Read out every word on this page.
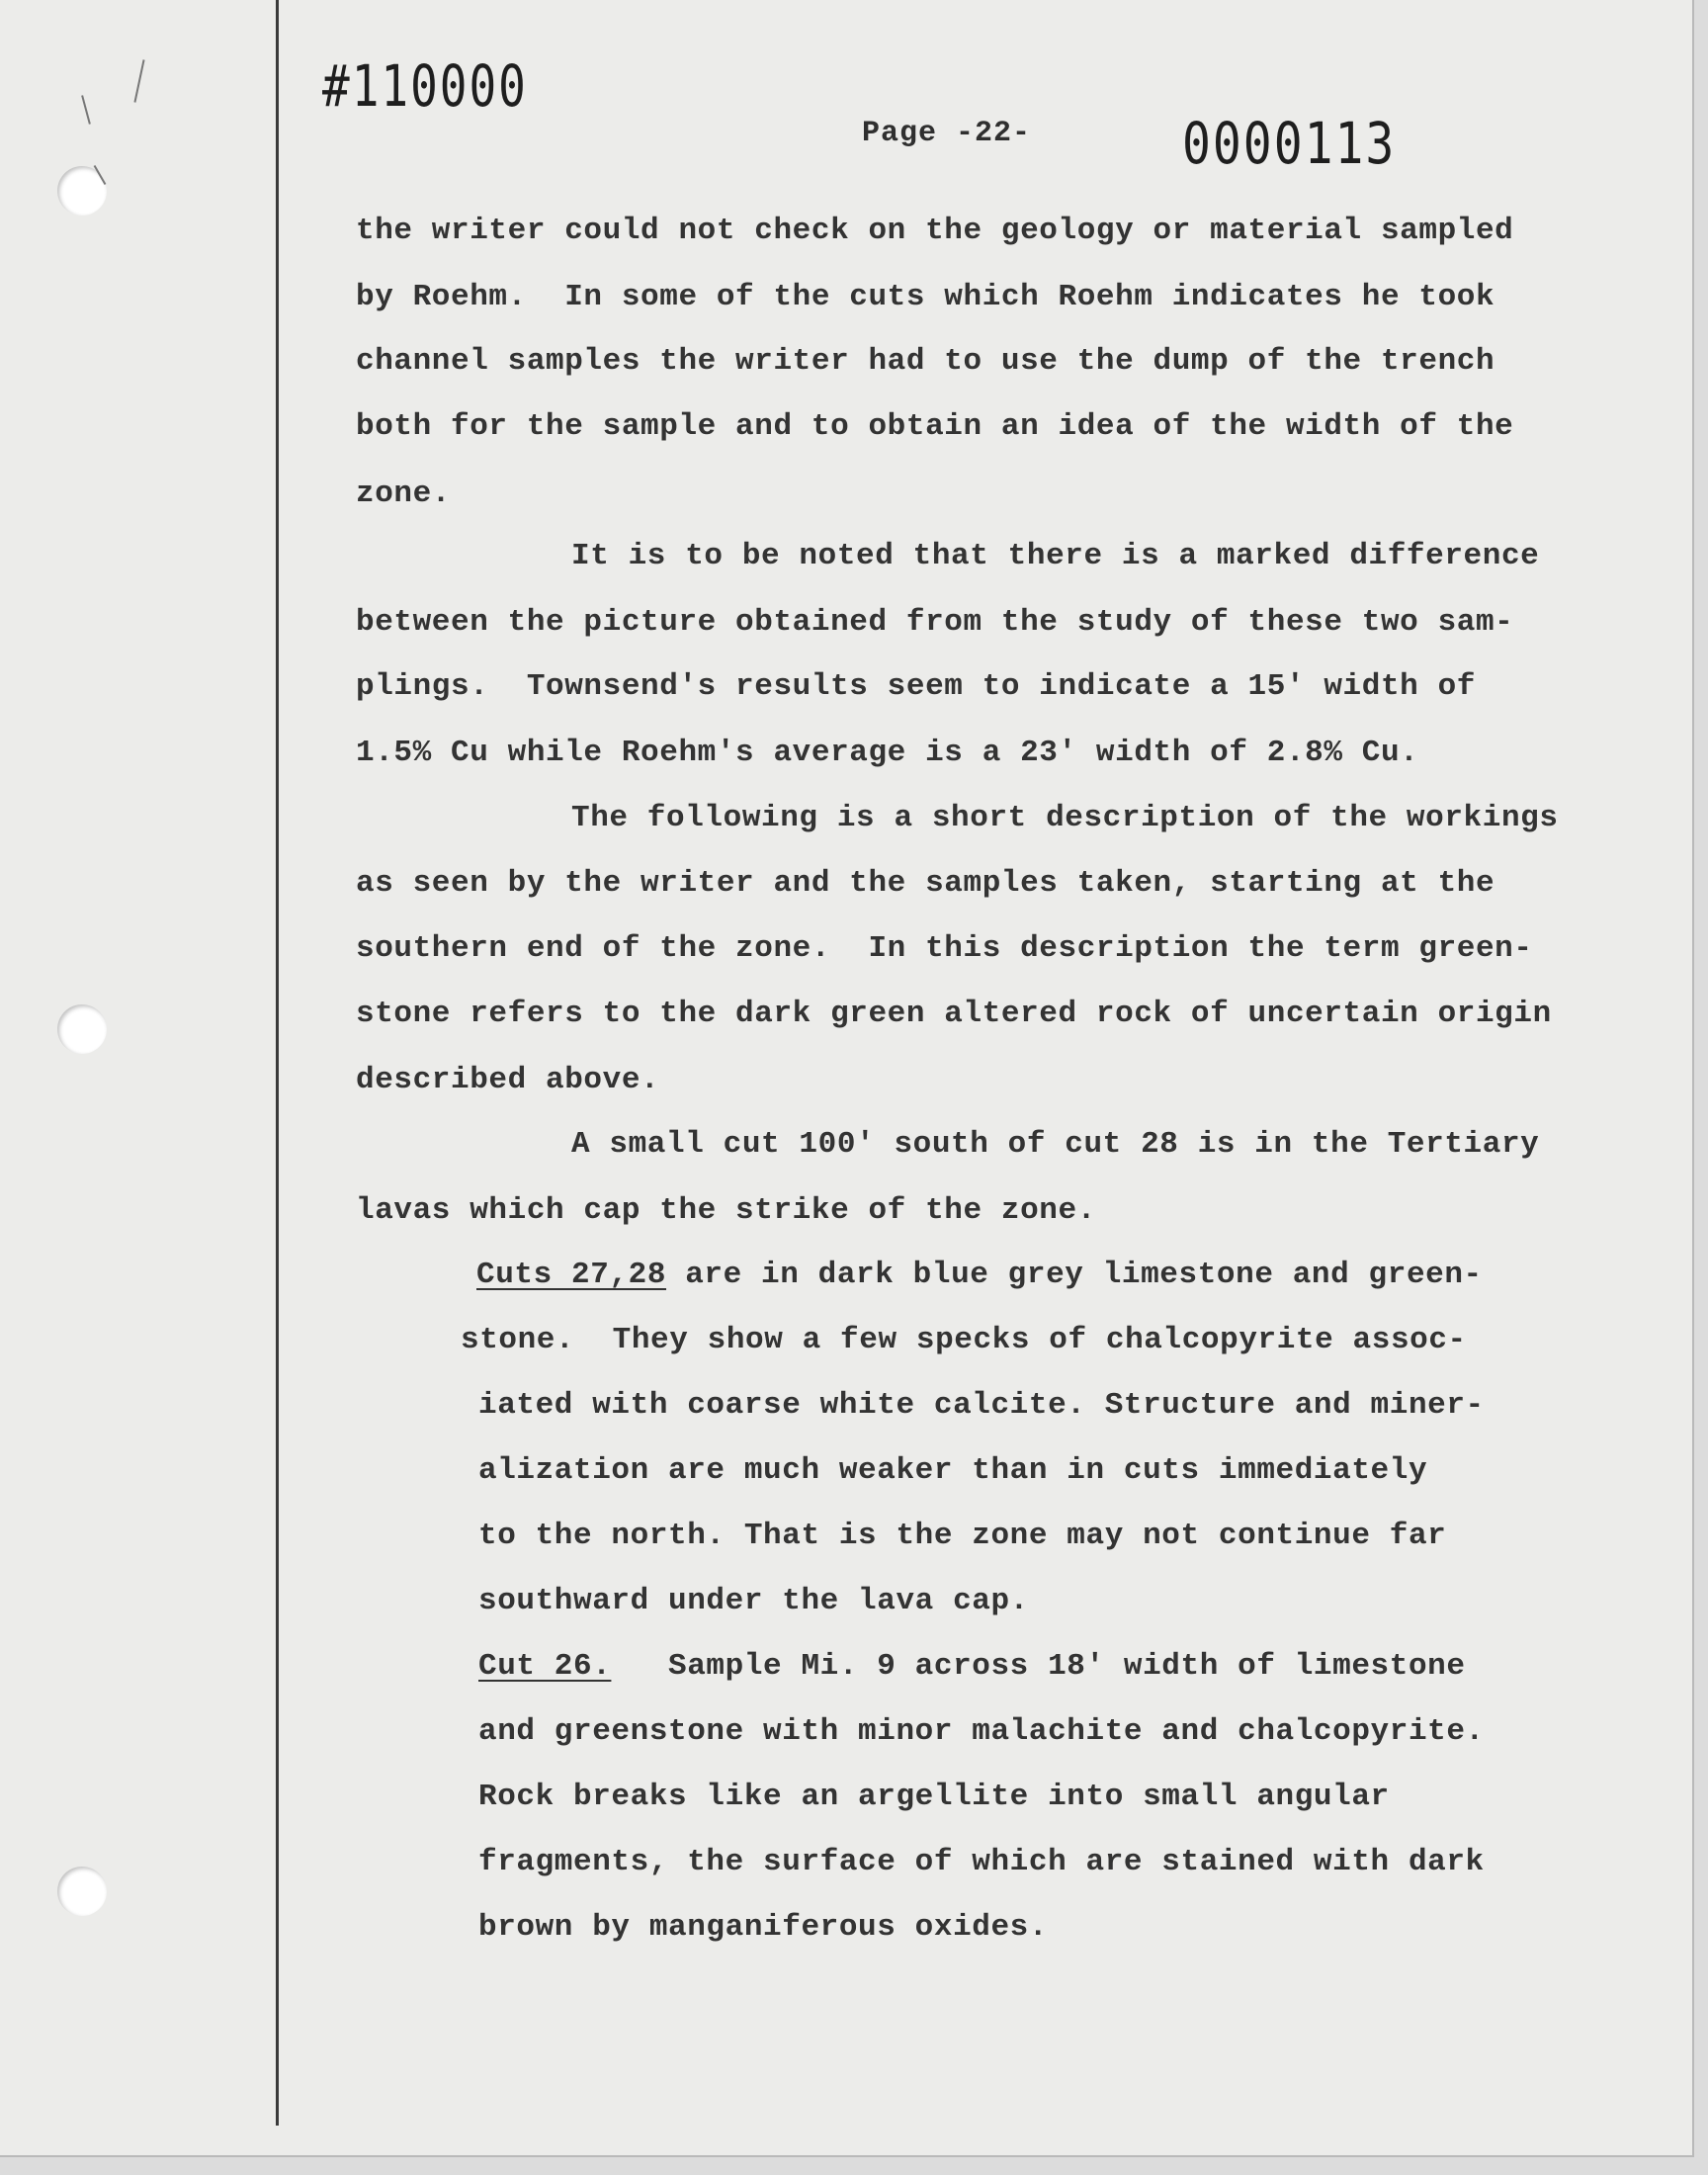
#110000
Page -22-	0000113
the writer could not check on the geology or material sampled
by Roehm.  In some of the cuts which Roehm indicates he took
channel samples the writer had to use the dump of the trench
both for the sample and to obtain an idea of the width of the
zone.
It is to be noted that there is a marked difference
between the picture obtained from the study of these two sam-
plings.  Townsend's results seem to indicate a 15' width of
1.5% Cu while Roehm's average is a 23' width of 2.8% Cu.
The following is a short description of the workings
as seen by the writer and the samples taken, starting at the
southern end of the zone.  In this description the term green-
stone refers to the dark green altered rock of uncertain origin
described above.
A small cut 100' south of cut 28 is in the Tertiary
lavas which cap the strike of the zone.
Cuts 27,28 are in dark blue grey limestone and green-
stone.  They show a few specks of chalcopyrite assoc-
iated with coarse white calcite. Structure and miner-
alization are much weaker than in cuts immediately
to the north. That is the zone may not continue far
southward under the lava cap.
Cut 26.   Sample Mi. 9 across 18' width of limestone
and greenstone with minor malachite and chalcopyrite.
Rock breaks like an argellite into small angular
fragments, the surface of which are stained with dark
brown by manganiferous oxides.
